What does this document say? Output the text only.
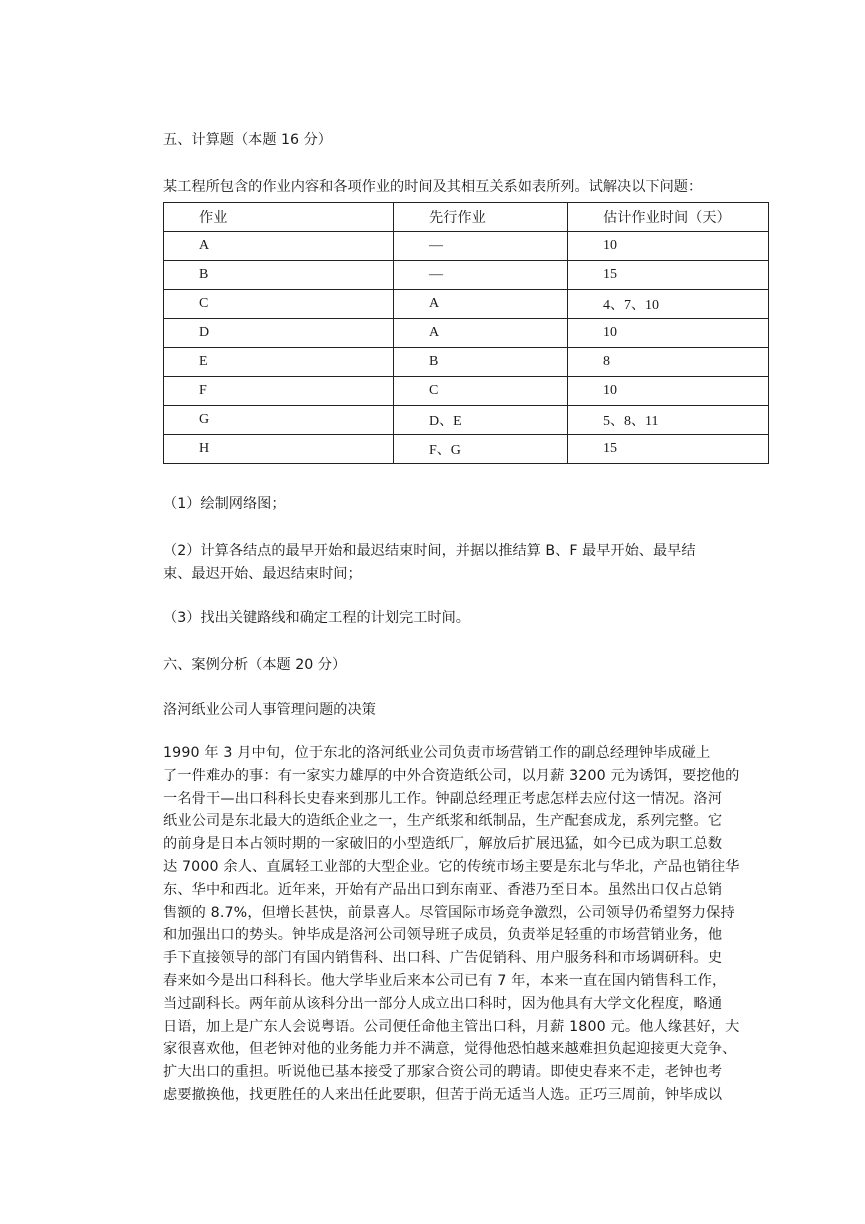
五、计算题（本题 16 分）
某工程所包含的作业内容和各项作业的时间及其相互关系如表所列。试解决以下问题：
作业	先行作业	估计作业时间（天）
A	—	10
B	—	15
C	A	4、7、10
D	A	10
E	B	8
F	C	10
G	D、E	5、8、11
H	F、G	15
（1）绘制网络图；
（2）计算各结点的最早开始和最迟结束时间，并据以推结算 B、F 最早开始、最早结
束、最迟开始、最迟结束时间；
（3）找出关键路线和确定工程的计划完工时间。
六、案例分析（本题 20 分）
洛河纸业公司人事管理问题的决策
1990 年 3 月中旬，位于东北的洛河纸业公司负责市场营销工作的副总经理钟毕成碰上
了一件难办的事：有一家实力雄厚的中外合资造纸公司，以月薪 3200 元为诱饵，要挖他的
一名骨干—出口科科长史春来到那儿工作。钟副总经理正考虑怎样去应付这一情况。洛河
纸业公司是东北最大的造纸企业之一，生产纸浆和纸制品，生产配套成龙，系列完整。它
的前身是日本占领时期的一家破旧的小型造纸厂，解放后扩展迅猛，如今已成为职工总数
达 7000 余人、直属轻工业部的大型企业。它的传统市场主要是东北与华北，产品也销往华
东、华中和西北。近年来，开始有产品出口到东南亚、香港乃至日本。虽然出口仅占总销
售额的 8.7%，但增长甚快，前景喜人。尽管国际市场竞争激烈，公司领导仍希望努力保持
和加强出口的势头。钟毕成是洛河公司领导班子成员，负责举足轻重的市场营销业务，他
手下直接领导的部门有国内销售科、出口科、广告促销科、用户服务科和市场调研科。史
春来如今是出口科科长。他大学毕业后来本公司已有 7 年，本来一直在国内销售科工作，
当过副科长。两年前从该科分出一部分人成立出口科时，因为他具有大学文化程度，略通
日语，加上是广东人会说粤语。公司便任命他主管出口科，月薪 1800 元。他人缘甚好，大
家很喜欢他，但老钟对他的业务能力并不满意，觉得他恐怕越来越难担负起迎接更大竞争、
扩大出口的重担。听说他已基本接受了那家合资公司的聘请。即使史春来不走，老钟也考
虑要撤换他，找更胜任的人来出任此要职，但苦于尚无适当人选。正巧三周前，钟毕成以
